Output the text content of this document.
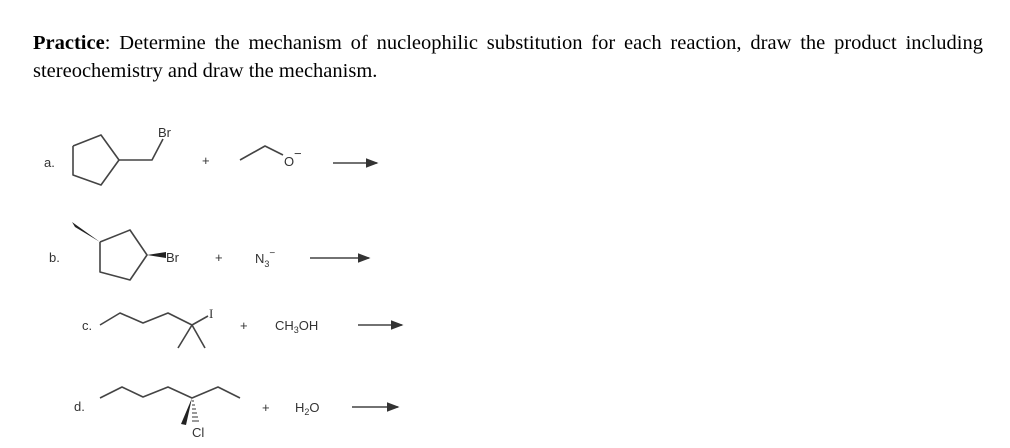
Practice: Determine the mechanism of nucleophilic substitution for each reaction, draw the product including stereochemistry and draw the mechanism.
a.
Br
+	O
−
b.	Br	+ $N_3^-$
c.
I
+ $CH_3OH$
d.
Cl
+ $H_2O$
